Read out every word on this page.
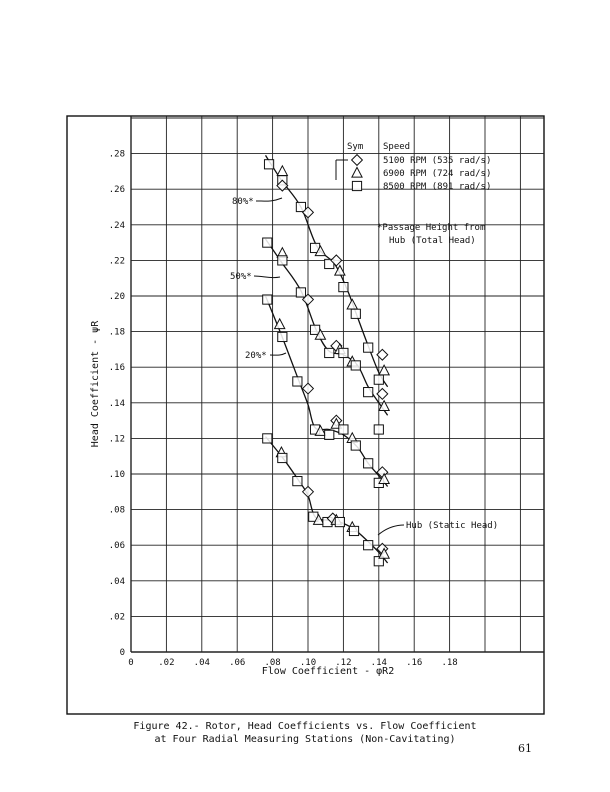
0	.02 .04 .06 .08 .10 .12 .14 .16 .18
0
.02
.04
.06
.08
.10
.12
.14
.16
.18
.20
.22
.24
.26
.28
Sym Speed
5100 RPM (535 rad/s)
6900 RPM (724 rad/s)
8500 RPM (891 rad/s)
*Passage Height from
Hub (Total Head)
80%*
50%*
20%*
Hub (Static Head)
Flow Coefficient - φR2
Head Coefficient - ψR
Figure 42.- Rotor, Head Coefficients vs. Flow Coefficient
at Four Radial Measuring Stations (Non-Cavitating)
61
